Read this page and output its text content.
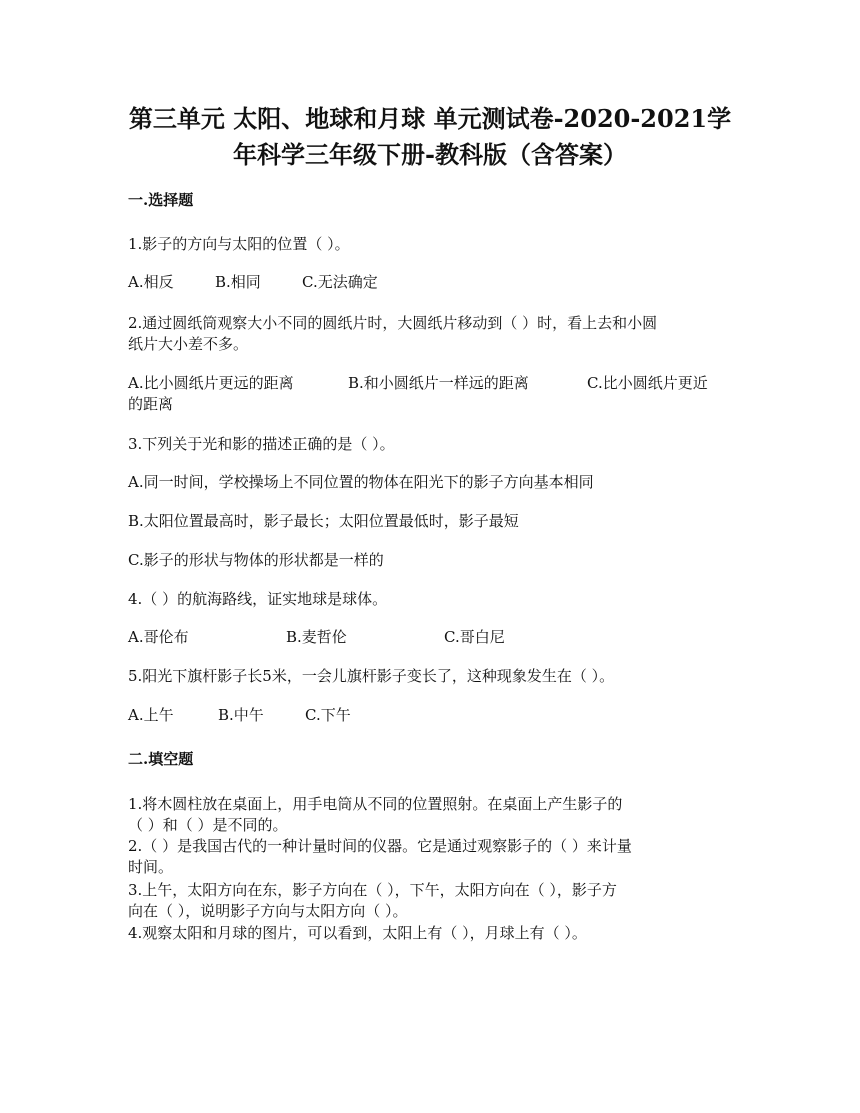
第三单元 太阳、地球和月球 单元测试卷-2020-2021学
年科学三年级下册-教科版（含答案）
一.选择题
1.影子的方向与太阳的位置（ ）。
A.相反	B.相同	C.无法确定
2.通过圆纸筒观察大小不同的圆纸片时，大圆纸片移动到（ ）时，看上去和小圆
纸片大小差不多。
A.比小圆纸片更远的距离	B.和小圆纸片一样远的距离	C.比小圆纸片更近
的距离
3.下列关于光和影的描述正确的是（ ）。
A.同一时间，学校操场上不同位置的物体在阳光下的影子方向基本相同
B.太阳位置最高时，影子最长；太阳位置最低时，影子最短
C.影子的形状与物体的形状都是一样的
4.（ ）的航海路线，证实地球是球体。
A.哥伦布	B.麦哲伦	C.哥白尼
5.阳光下旗杆影子长5米，一会儿旗杆影子变长了，这种现象发生在（ ）。
A.上午	B.中午	C.下午
二.填空题
1.将木圆柱放在桌面上，用手电筒从不同的位置照射。在桌面上产生影子的
（ ）和（ ）是不同的。
2.（ ）是我国古代的一种计量时间的仪器。它是通过观察影子的（ ）来计量
时间。
3.上午，太阳方向在东，影子方向在（ ），下午，太阳方向在（ ），影子方
向在（ ），说明影子方向与太阳方向（ ）。
4.观察太阳和月球的图片，可以看到，太阳上有（ ），月球上有（ ）。
